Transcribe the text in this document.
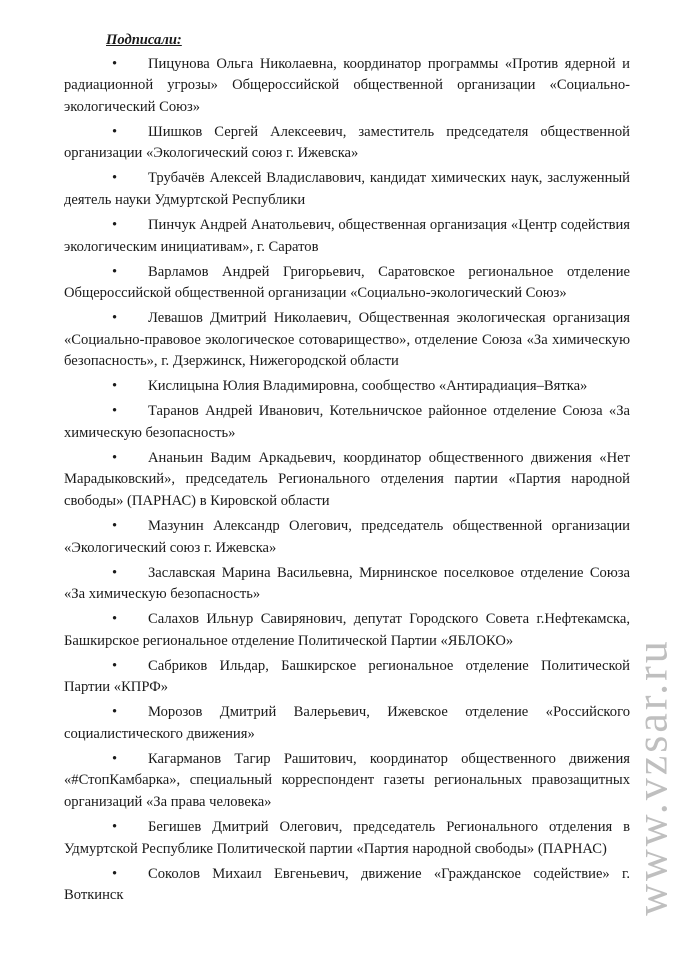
Подписали:

• Пицунова Ольга Николаевна, координатор программы «Против ядерной и радиационной угрозы» Общероссийской общественной организации «Социально-экологический Союз»
• Шишков Сергей Алексеевич, заместитель председателя общественной организации «Экологический союз г. Ижевска»
• Трубачёв Алексей Владиславович, кандидат химических наук, заслуженный деятель науки Удмуртской Республики
• Пинчук Андрей Анатольевич, общественная организация «Центр содействия экологическим инициативам», г. Саратов
• Варламов Андрей Григорьевич, Саратовское региональное отделение Общероссийской общественной организации «Социально-экологический Союз»
• Левашов Дмитрий Николаевич, Общественная экологическая организация «Социально-правовое экологическое сотоварищество», отделение Союза «За химическую безопасность», г. Дзержинск, Нижегородской области
• Кислицына Юлия Владимировна, сообщество «Антирадиация–Вятка»
• Таранов Андрей Иванович, Котельничское районное отделение Союза «За химическую безопасность»
• Ананьин Вадим Аркадьевич, координатор общественного движения «Нет Марадыковский», председатель Регионального отделения партии «Партия народной свободы» (ПАРНАС) в Кировской области
• Мазунин Александр Олегович, председатель общественной организации «Экологический союз г. Ижевска»
• Заславская Марина Васильевна, Мирнинское поселковое отделение Союза «За химическую безопасность»
• Салахов Ильнур Савирянович, депутат Городского Совета г.Нефтекамска, Башкирское региональное отделение Политической Партии «ЯБЛОКО»
• Сабриков Ильдар, Башкирское региональное отделение Политической Партии «КПРФ»
• Морозов Дмитрий Валерьевич, Ижевское отделение «Российского социалистического движения»
• Кагарманов Тагир Рашитович, координатор общественного движения «#СтопКамбарка», специальный корреспондент газеты региональных правозащитных организаций «За права человека»
• Бегишев Дмитрий Олегович, председатель Регионального отделения в Удмуртской Республике Политической партии «Партия народной свободы» (ПАРНАС)
• Соколов Михаил Евгеньевич, движение «Гражданское содействие» г. Воткинск	www.vzsar.ru
